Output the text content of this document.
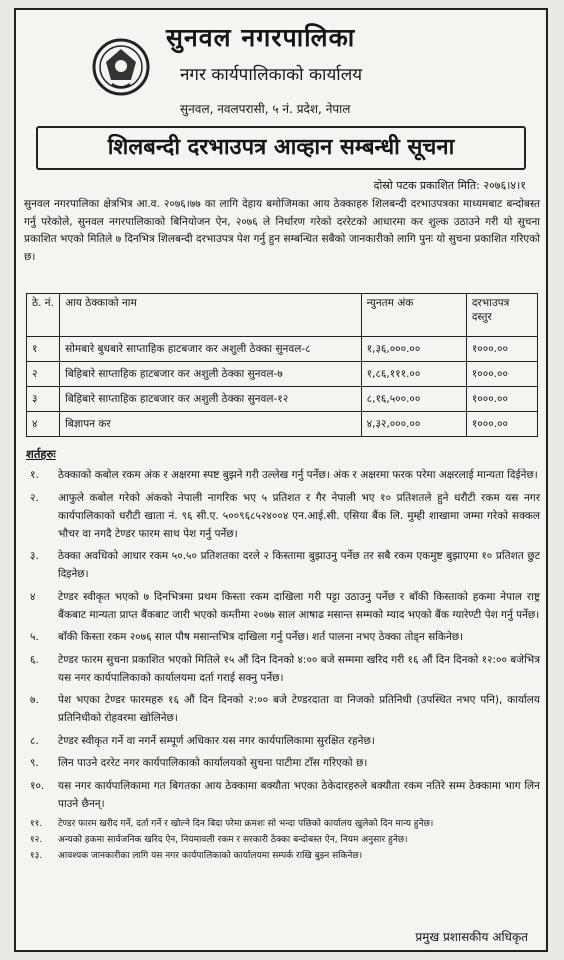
सुनवल नगरपालिका
नगर कार्यपालिकाको कार्यालय
सुनवल, नवलपरासी, ५ नं. प्रदेश, नेपाल
शिलबन्दी दरभाउपत्र आव्हान सम्बन्धी सूचना
दोस्रो पटक प्रकाशित मिति: २०७६।४।१
सुनवल नगरपालिका क्षेत्रभित्र आ.व. २०७६।७७ का लागि देहाय बमोजिमका आय ठेक्काहरु शिलबन्दी दरभाउपत्रका माध्यमबाट बन्दोबस्त गर्नु परेकोले, सुनवल नगरपालिकाको बिनियोजन ऐन, २०७६ ले निर्धारण गरेको दररेटको आधारमा कर शुल्क उठाउने गरी यो सुचना प्रकाशित भएको मितिले ७ दिनभित्र शिलबन्दी दरभाउपत्र पेश गर्नु हुन सम्बन्धित सबैको जानकारीको लागि पुनः यो सुचना प्रकाशित गरिएको छ।
ठे. नं.	आय ठेक्काको नाम	न्युनतम अंक	दरभाउपत्र दस्तुर
१	सोमबारे बुधबारे साप्ताहिक हाटबजार कर अशुली ठेक्का सुनवल-८	१,३६,०००.००	१०००.००
२	बिहिबारे साप्ताहिक हाटबजार कर अशुली ठेक्का सुनवल-७	१,८६,१११.००	१०००.००
३	बिहिबारे साप्ताहिक हाटबजार कर अशुली ठेक्का सुनवल-१२	८,१६,५००.००	१०००.००
४	बिज्ञापन कर	४,३२,०००.००	१०००.००
शर्तहरुः
१.	ठेक्काको कबोल रकम अंक र अक्षरमा स्पष्ट बुझने गरी उल्लेख गर्नु पर्नेछ। अंक र अक्षरमा फरक परेमा अक्षरलाई मान्यता दिईनेछ।
२.	आफुले कबोल गरेको अंकको नेपाली नागरिक भए ५ प्रतिशत र गैर नेपाली भए १० प्रतिशतले हुने धरौटी रकम यस नगर कार्यपालिकाको धरौटी खाता नं. ९६ सी.ए. ५००९६८५२४००४ एन.आई.सी. एसिया बैंक लि. मुम्ही शाखामा जम्मा गरेको सक्कल भौचर वा नगदै टेण्डर फारम साथ पेश गर्नु पर्नेछ।
३.	ठेक्का अवधिको आधार रकम ५०.५० प्रतिशतका दरले २ किस्तामा बुझाउनु पर्नेछ तर सबै रकम एकमुष्ट बुझाएमा १० प्रतिशत छुट दिइनेछ।
४	टेण्डर स्वीकृत भएको ७ दिनभित्रमा प्रथम किस्ता रकम दाखिला गरी पट्टा उठाउनु पर्नेछ र बाँकी किस्ताको हकमा नेपाल राष्ट्र बैंकबाट मान्यता प्राप्त बैंकबाट जारी भएको कम्तीमा २०७७ साल आषाढ मसान्त सम्मको म्याद भएको बैंक ग्यारेण्टी पेश गर्नु पर्नेछ।
५.	बाँकी किस्ता रकम २०७६ साल पौष मसान्तभित्र दाखिला गर्नु पर्नेछ। शर्त पालना नभए ठेक्का तोड्न सकिनेछ।
६.	टेण्डर फारम सुचना प्रकाशित भएको मितिले १५ औं दिन दिनको ४:०० बजे सम्ममा खरिद गरी १६ औं दिन दिनको १२:०० बजेभित्र यस नगर कार्यपालिकाको कार्यालयमा दर्ता गराई सक्नु पर्नेछ।
७.	पेश भएका टेण्डर फारमहरु १६ औं दिन दिनको २:०० बजे टेण्डरदाता वा निजको प्रतिनिधी (उपस्थित नभए पनि), कार्यालय प्रतिनिधीको रोहवरमा खोलिनेछ।
८.	टेण्डर स्वीकृत गर्ने वा नगर्ने सम्पूर्ण अधिकार यस नगर कार्यपालिकामा सुरक्षित रहनेछ।
९.	लिन पाउने दररेट नगर कार्यपालिकाको कार्यालयको सुचना पाटीमा टाँस गरिएको छ।
१०.	यस नगर कार्यपालिकामा गत बिगतका आय ठेक्कामा बक्यौता भएका ठेकेदारहरुले बक्यौता रकम नतिरे सम्म ठेक्कामा भाग लिन पाउने छैनन्।
११.	टेण्डर फारम खरीद गर्ने, दर्ता गर्ने र खोल्ने दिन बिदा परेमा क्रमशः सो भन्दा पछिको कार्यालय खुलेको दिन मान्य हुनेछ।
१२.	अन्यको हकमा सार्वजनिक खरिद ऐन, नियमावली रकम र सरकारी ठेक्का बन्दोबस्त ऐन, नियम अनुसार हुनेछ।
१३.	आवश्यक जानकारीका लागि यस नगर कार्यपालिकाको कार्यालयमा सम्पर्क राखि बुझ्न सकिनेछ।
प्रमुख प्रशासकीय अधिकृत
